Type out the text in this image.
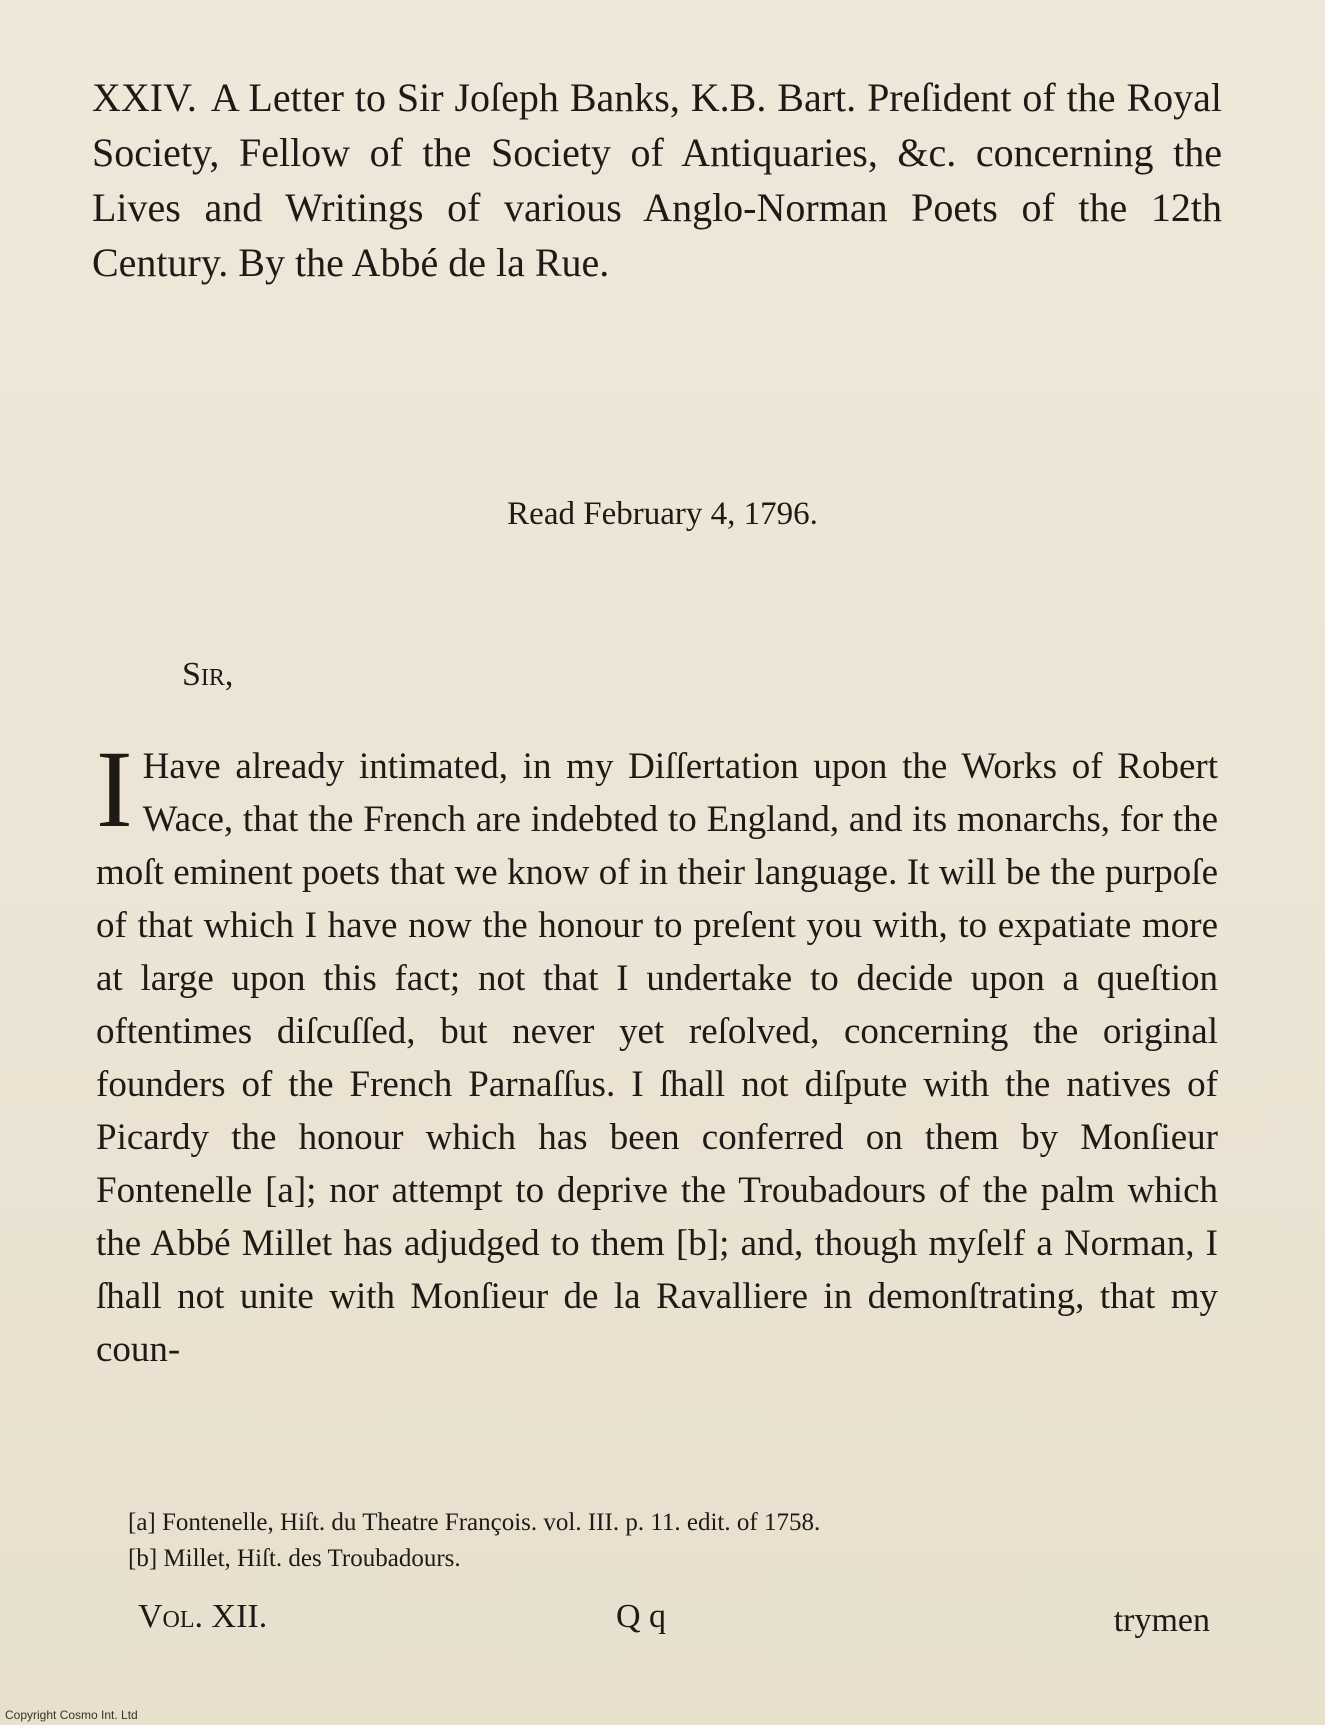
XXIV. A Letter to Sir Joſeph Banks, K.B. Bart. Preſident of the Royal Society, Fellow of the Society of Antiquaries, &c. concerning the Lives and Writings of various Anglo-Norman Poets of the 12th Century. By the Abbé de la Rue.
Read February 4, 1796.
Sir,
I Have already intimated, in my Diſſertation upon the Works of Robert Wace, that the French are indebted to England, and its monarchs, for the moſt eminent poets that we know of in their language. It will be the purpoſe of that which I have now the honour to preſent you with, to expatiate more at large upon this fact; not that I undertake to decide upon a queſtion oftentimes diſcuſſed, but never yet reſolved, concerning the original founders of the French Parnaſſus. I ſhall not diſpute with the natives of Picardy the honour which has been conferred on them by Monſieur Fontenelle [a]; nor attempt to deprive the Troubadours of the palm which the Abbé Millet has adjudged to them [b]; and, though myſelf a Norman, I ſhall not unite with Monſieur de la Ravalliere in demonſtrating, that my coun-
[a] Fontenelle, Hiſt. du Theatre François. vol. III. p. 11. edit. of 1758.
[b] Millet, Hiſt. des Troubadours.
Vol. XII.	Q q	trymen
Copyright Cosmo Int. Ltd
